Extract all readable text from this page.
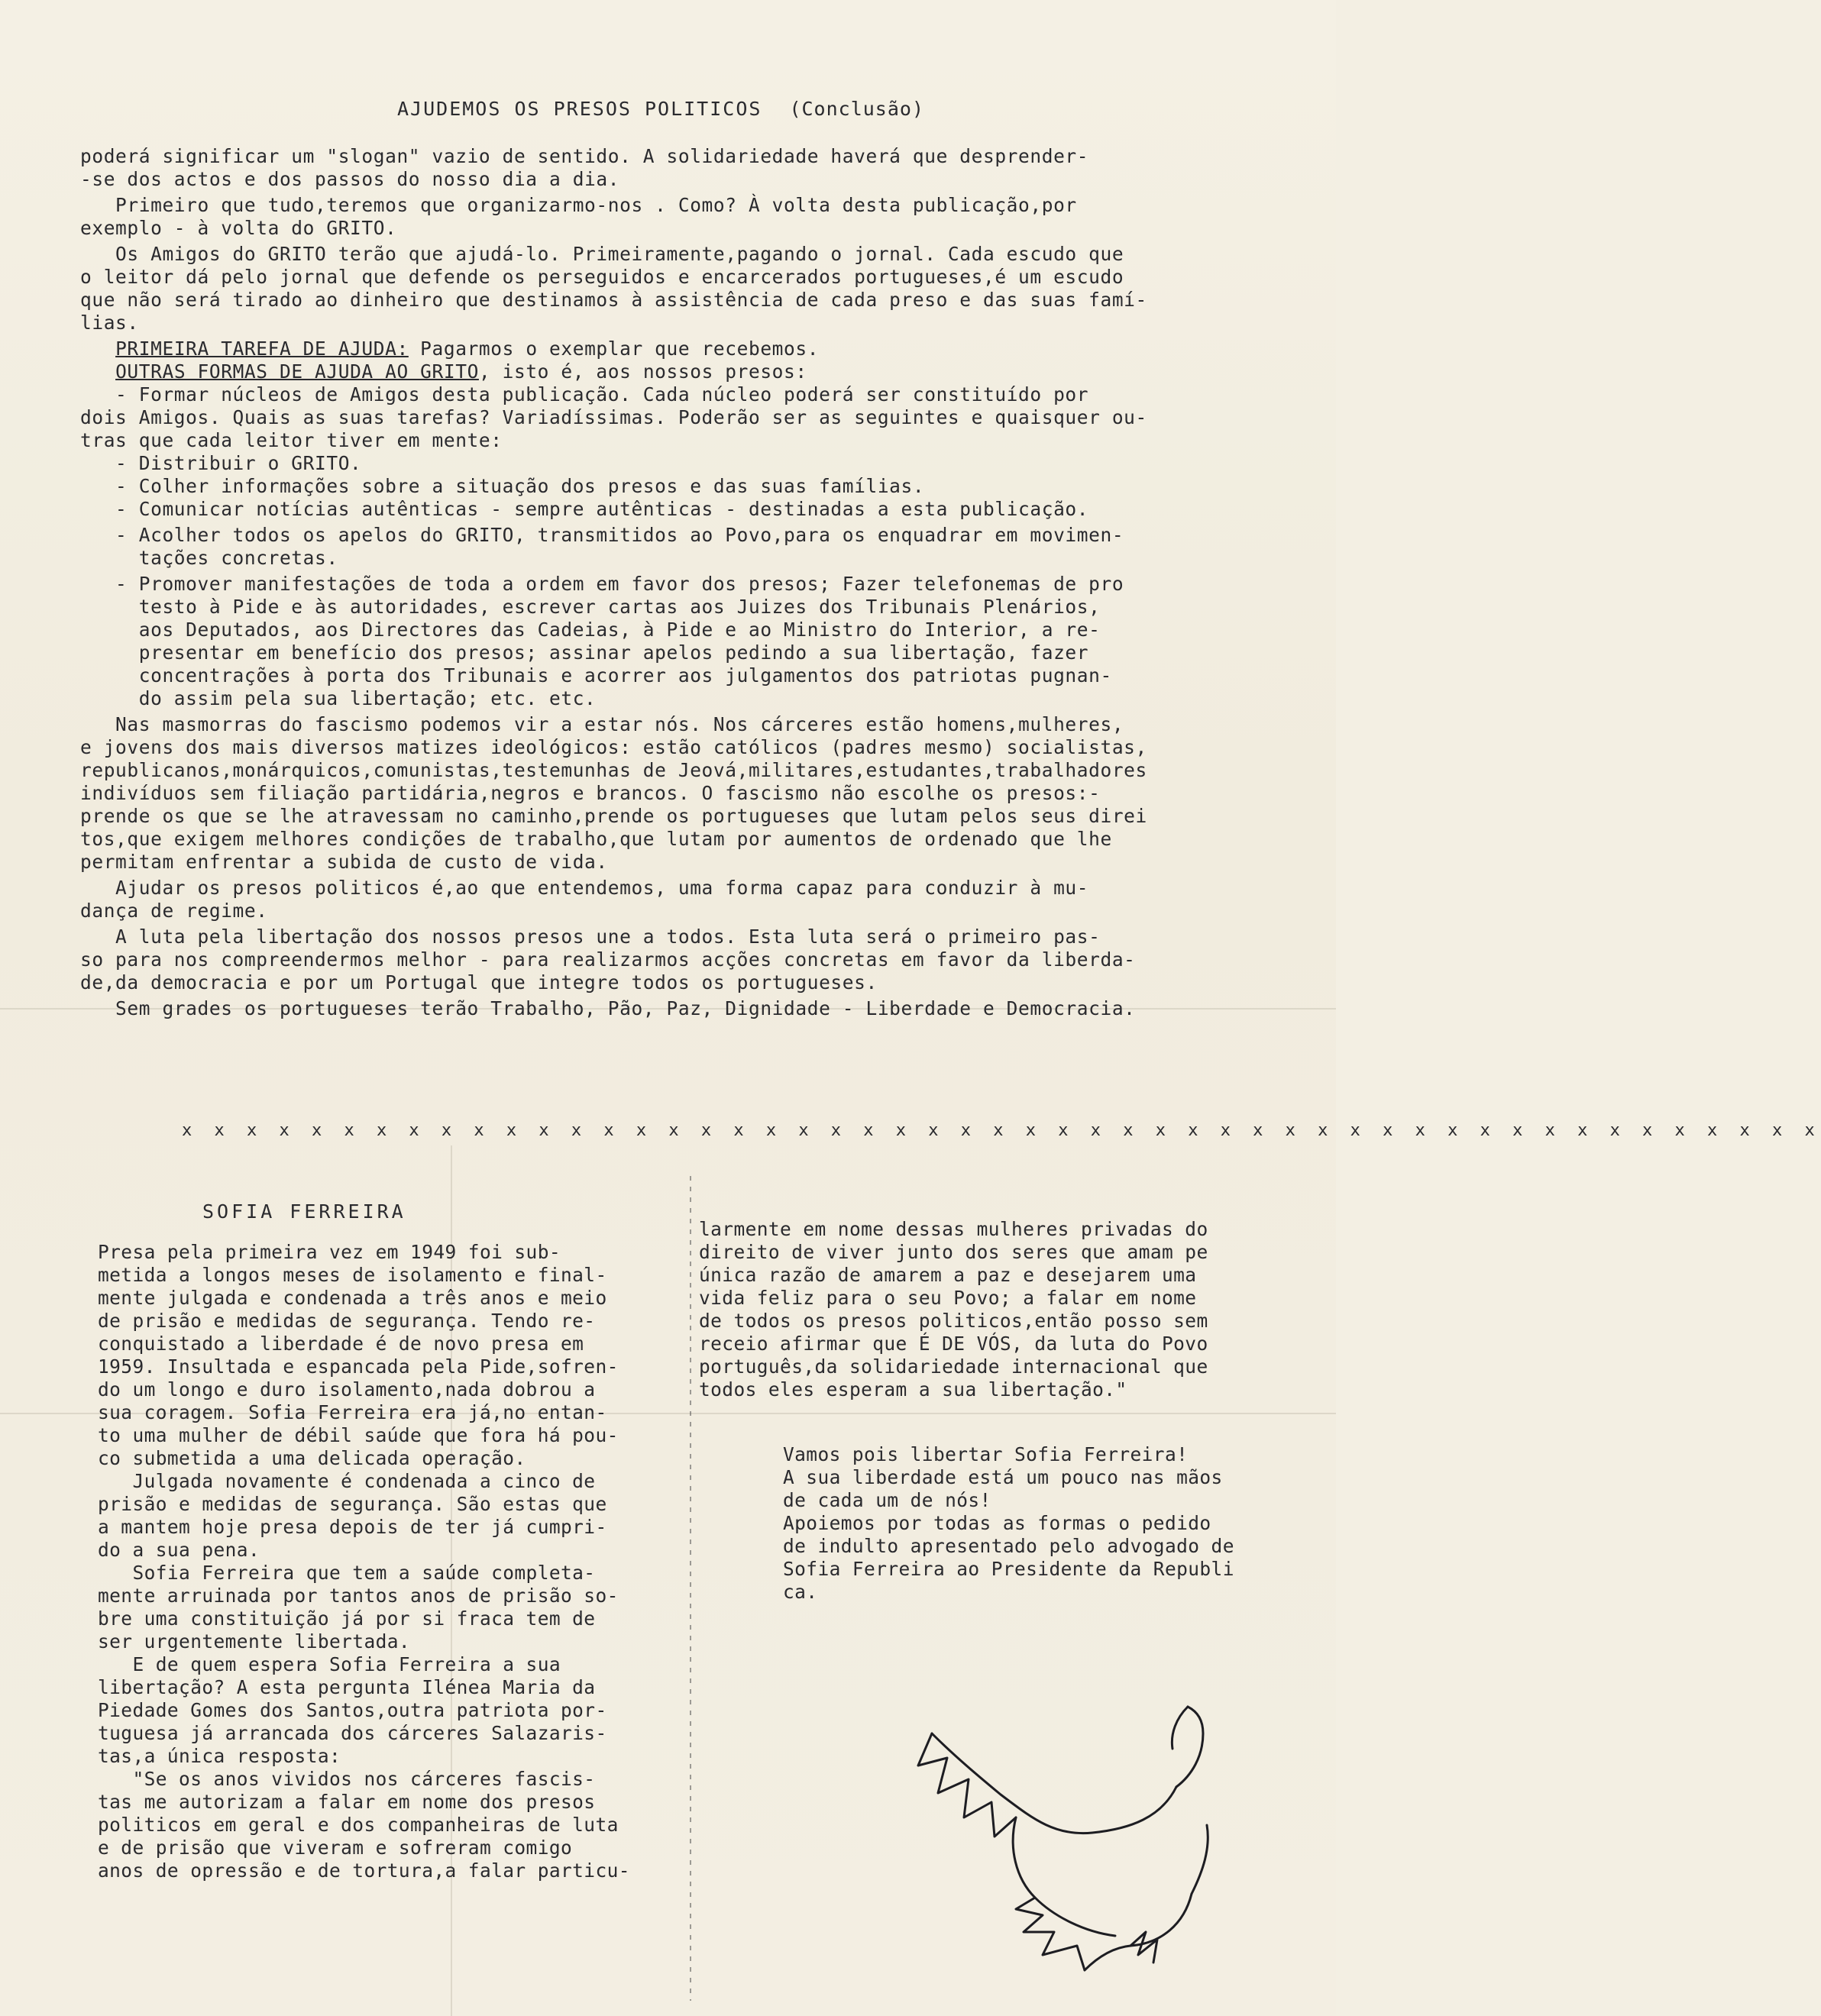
AJUDEMOS OS PRESOS POLITICOS (Conclusão)
poderá significar um "slogan" vazio de sentido. A solidariedade haverá que desprender-
-se dos actos e dos passos do nosso dia a dia.
Primeiro que tudo,teremos que organizarmo-nos . Como? À volta desta publicação,por
exemplo - à volta do GRITO.
Os Amigos do GRITO terão que ajudá-lo. Primeiramente,pagando o jornal. Cada escudo que
o leitor dá pelo jornal que defende os perseguidos e encarcerados portugueses,é um escudo
que não será tirado ao dinheiro que destinamos à assistência de cada preso e das suas famí-
lias.
PRIMEIRA TAREFA DE AJUDA: Pagarmos o exemplar que recebemos.
OUTRAS FORMAS DE AJUDA AO GRITO, isto é, aos nossos presos:
- Formar núcleos de Amigos desta publicação. Cada núcleo poderá ser constituído por
dois Amigos. Quais as suas tarefas? Variadíssimas. Poderão ser as seguintes e quaisquer ou-
tras que cada leitor tiver em mente:
- Distribuir o GRITO.
- Colher informações sobre a situação dos presos e das suas famílias.
- Comunicar notícias autênticas - sempre autênticas - destinadas a esta publicação.
- Acolher todos os apelos do GRITO, transmitidos ao Povo,para os enquadrar em movimen-
tações concretas.
- Promover manifestações de toda a ordem em favor dos presos; Fazer telefonemas de pro
testo à Pide e às autoridades, escrever cartas aos Juizes dos Tribunais Plenários,
aos Deputados, aos Directores das Cadeias, à Pide e ao Ministro do Interior, a re-
presentar em benefício dos presos; assinar apelos pedindo a sua libertação, fazer
concentrações à porta dos Tribunais e acorrer aos julgamentos dos patriotas pugnan-
do assim pela sua libertação; etc. etc.
Nas masmorras do fascismo podemos vir a estar nós. Nos cárceres estão homens,mulheres,
e jovens dos mais diversos matizes ideológicos: estão católicos (padres mesmo) socialistas,
republicanos,monárquicos,comunistas,testemunhas de Jeová,militares,estudantes,trabalhadores
indivíduos sem filiação partidária,negros e brancos. O fascismo não escolhe os presos:-
prende os que se lhe atravessam no caminho,prende os portugueses que lutam pelos seus direi
tos,que exigem melhores condições de trabalho,que lutam por aumentos de ordenado que lhe
permitam enfrentar a subida de custo de vida.
Ajudar os presos politicos é,ao que entendemos, uma forma capaz para conduzir à mu-
dança de regime.
A luta pela libertação dos nossos presos une a todos. Esta luta será o primeiro pas-
so para nos compreendermos melhor - para realizarmos acções concretas em favor da liberda-
de,da democracia e por um Portugal que integre todos os portugueses.
Sem grades os portugueses terão Trabalho, Pão, Paz, Dignidade - Liberdade e Democracia.
x x x x x x x x x x x x x x x x x x x x x x x x x x x x x x x x x x x x x x x x x x x x x x x x x x x
SOFIA FERREIRA
Presa pela primeira vez em 1949 foi sub-
metida a longos meses de isolamento e final-
mente julgada e condenada a três anos e meio
de prisão e medidas de segurança. Tendo re-
conquistado a liberdade é de novo presa em
1959. Insultada e espancada pela Pide,sofren-
do um longo e duro isolamento,nada dobrou a
sua coragem. Sofia Ferreira era já,no entan-
to uma mulher de débil saúde que fora há pou-
co submetida a uma delicada operação.
Julgada novamente é condenada a cinco de
prisão e medidas de segurança. São estas que
a mantem hoje presa depois de ter já cumpri-
do a sua pena.
Sofia Ferreira que tem a saúde completa-
mente arruinada por tantos anos de prisão so-
bre uma constituição já por si fraca tem de
ser urgentemente libertada.
E de quem espera Sofia Ferreira a sua
libertação? A esta pergunta Ilénea Maria da
Piedade Gomes dos Santos,outra patriota por-
tuguesa já arrancada dos cárceres Salazaris-
tas,a única resposta:
"Se os anos vividos nos cárceres fascis-
tas me autorizam a falar em nome dos presos
politicos em geral e dos companheiras de luta
e de prisão que viveram e sofreram comigo
anos de opressão e de tortura,a falar particu-
larmente em nome dessas mulheres privadas do
direito de viver junto dos seres que amam pe
única razão de amarem a paz e desejarem uma
vida feliz para o seu Povo; a falar em nome
de todos os presos politicos,então posso sem
receio afirmar que É DE VÓS, da luta do Povo
português,da solidariedade internacional que
todos eles esperam a sua libertação."
Vamos pois libertar Sofia Ferreira!
A sua liberdade está um pouco nas mãos
de cada um de nós!
Apoiemos por todas as formas o pedido
de indulto apresentado pelo advogado de
Sofia Ferreira ao Presidente da Republi
ca.
